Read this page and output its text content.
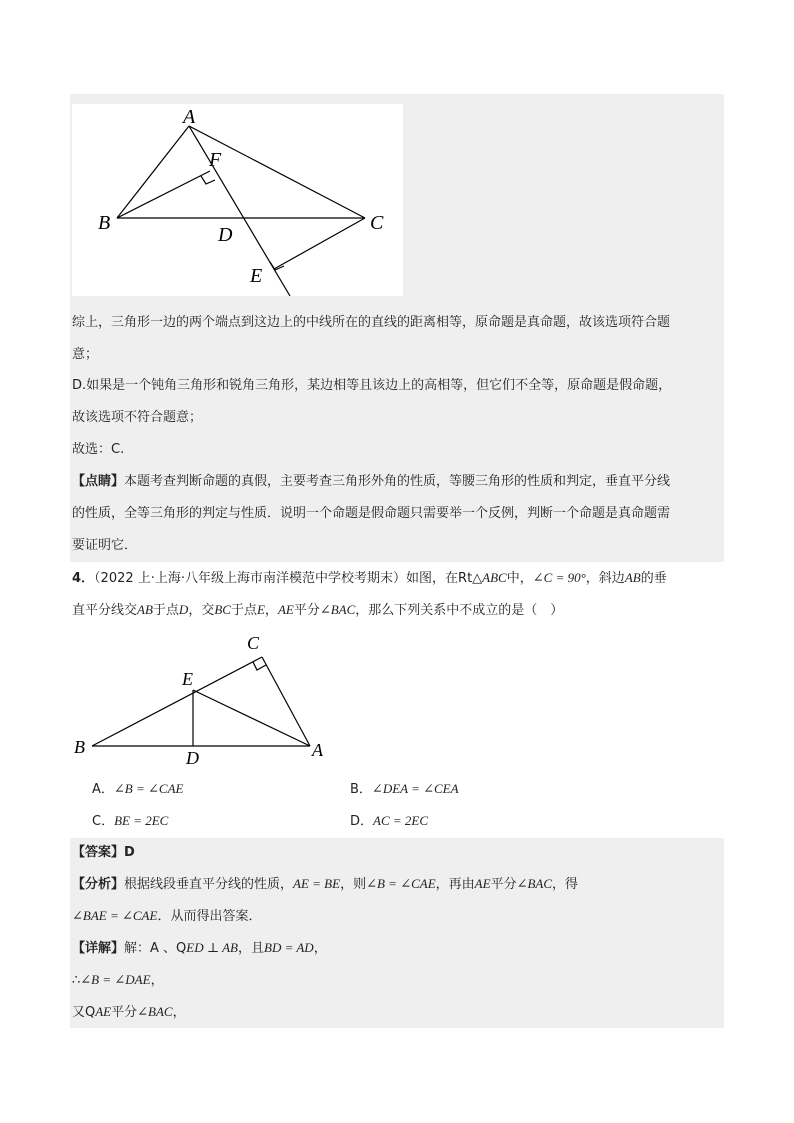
A
F
B
D
C
E
综上，三角形一边的两个端点到这边上的中线所在的直线的距离相等，原命题是真命题，故该选项符合题
意；
D.如果是一个钝角三角形和锐角三角形，某边相等且该边上的高相等，但它们不全等，原命题是假命题，
故该选项不符合题意；
故选：C.
【点睛】本题考查判断命题的真假，主要考查三角形外角的性质，等腰三角形的性质和判定，垂直平分线
的性质，全等三角形的判定与性质．说明一个命题是假命题只需要举一个反例，判断一个命题是真命题需
要证明它．
4．（2022 上·上海·八年级上海市南洋模范中学校考期末）如图，在Rt△ABC中，∠C = 90°，斜边AB的垂
直平分线交AB于点D，交BC于点E，AE平分∠BAC，那么下列关系中不成立的是（　）
C
E
B
D	A
A．∠B = ∠CAE	B．∠DEA = ∠CEA
C．BE = 2EC	D．AC = 2EC
【答案】D
【分析】根据线段垂直平分线的性质，AE = BE，则∠B = ∠CAE，再由AE平分∠BAC，得
∠BAE = ∠CAE．从而得出答案．
【详解】解：A 、QED ⊥ AB，且BD = AD，
∴∠B = ∠DAE，
又QAE平分∠BAC，
